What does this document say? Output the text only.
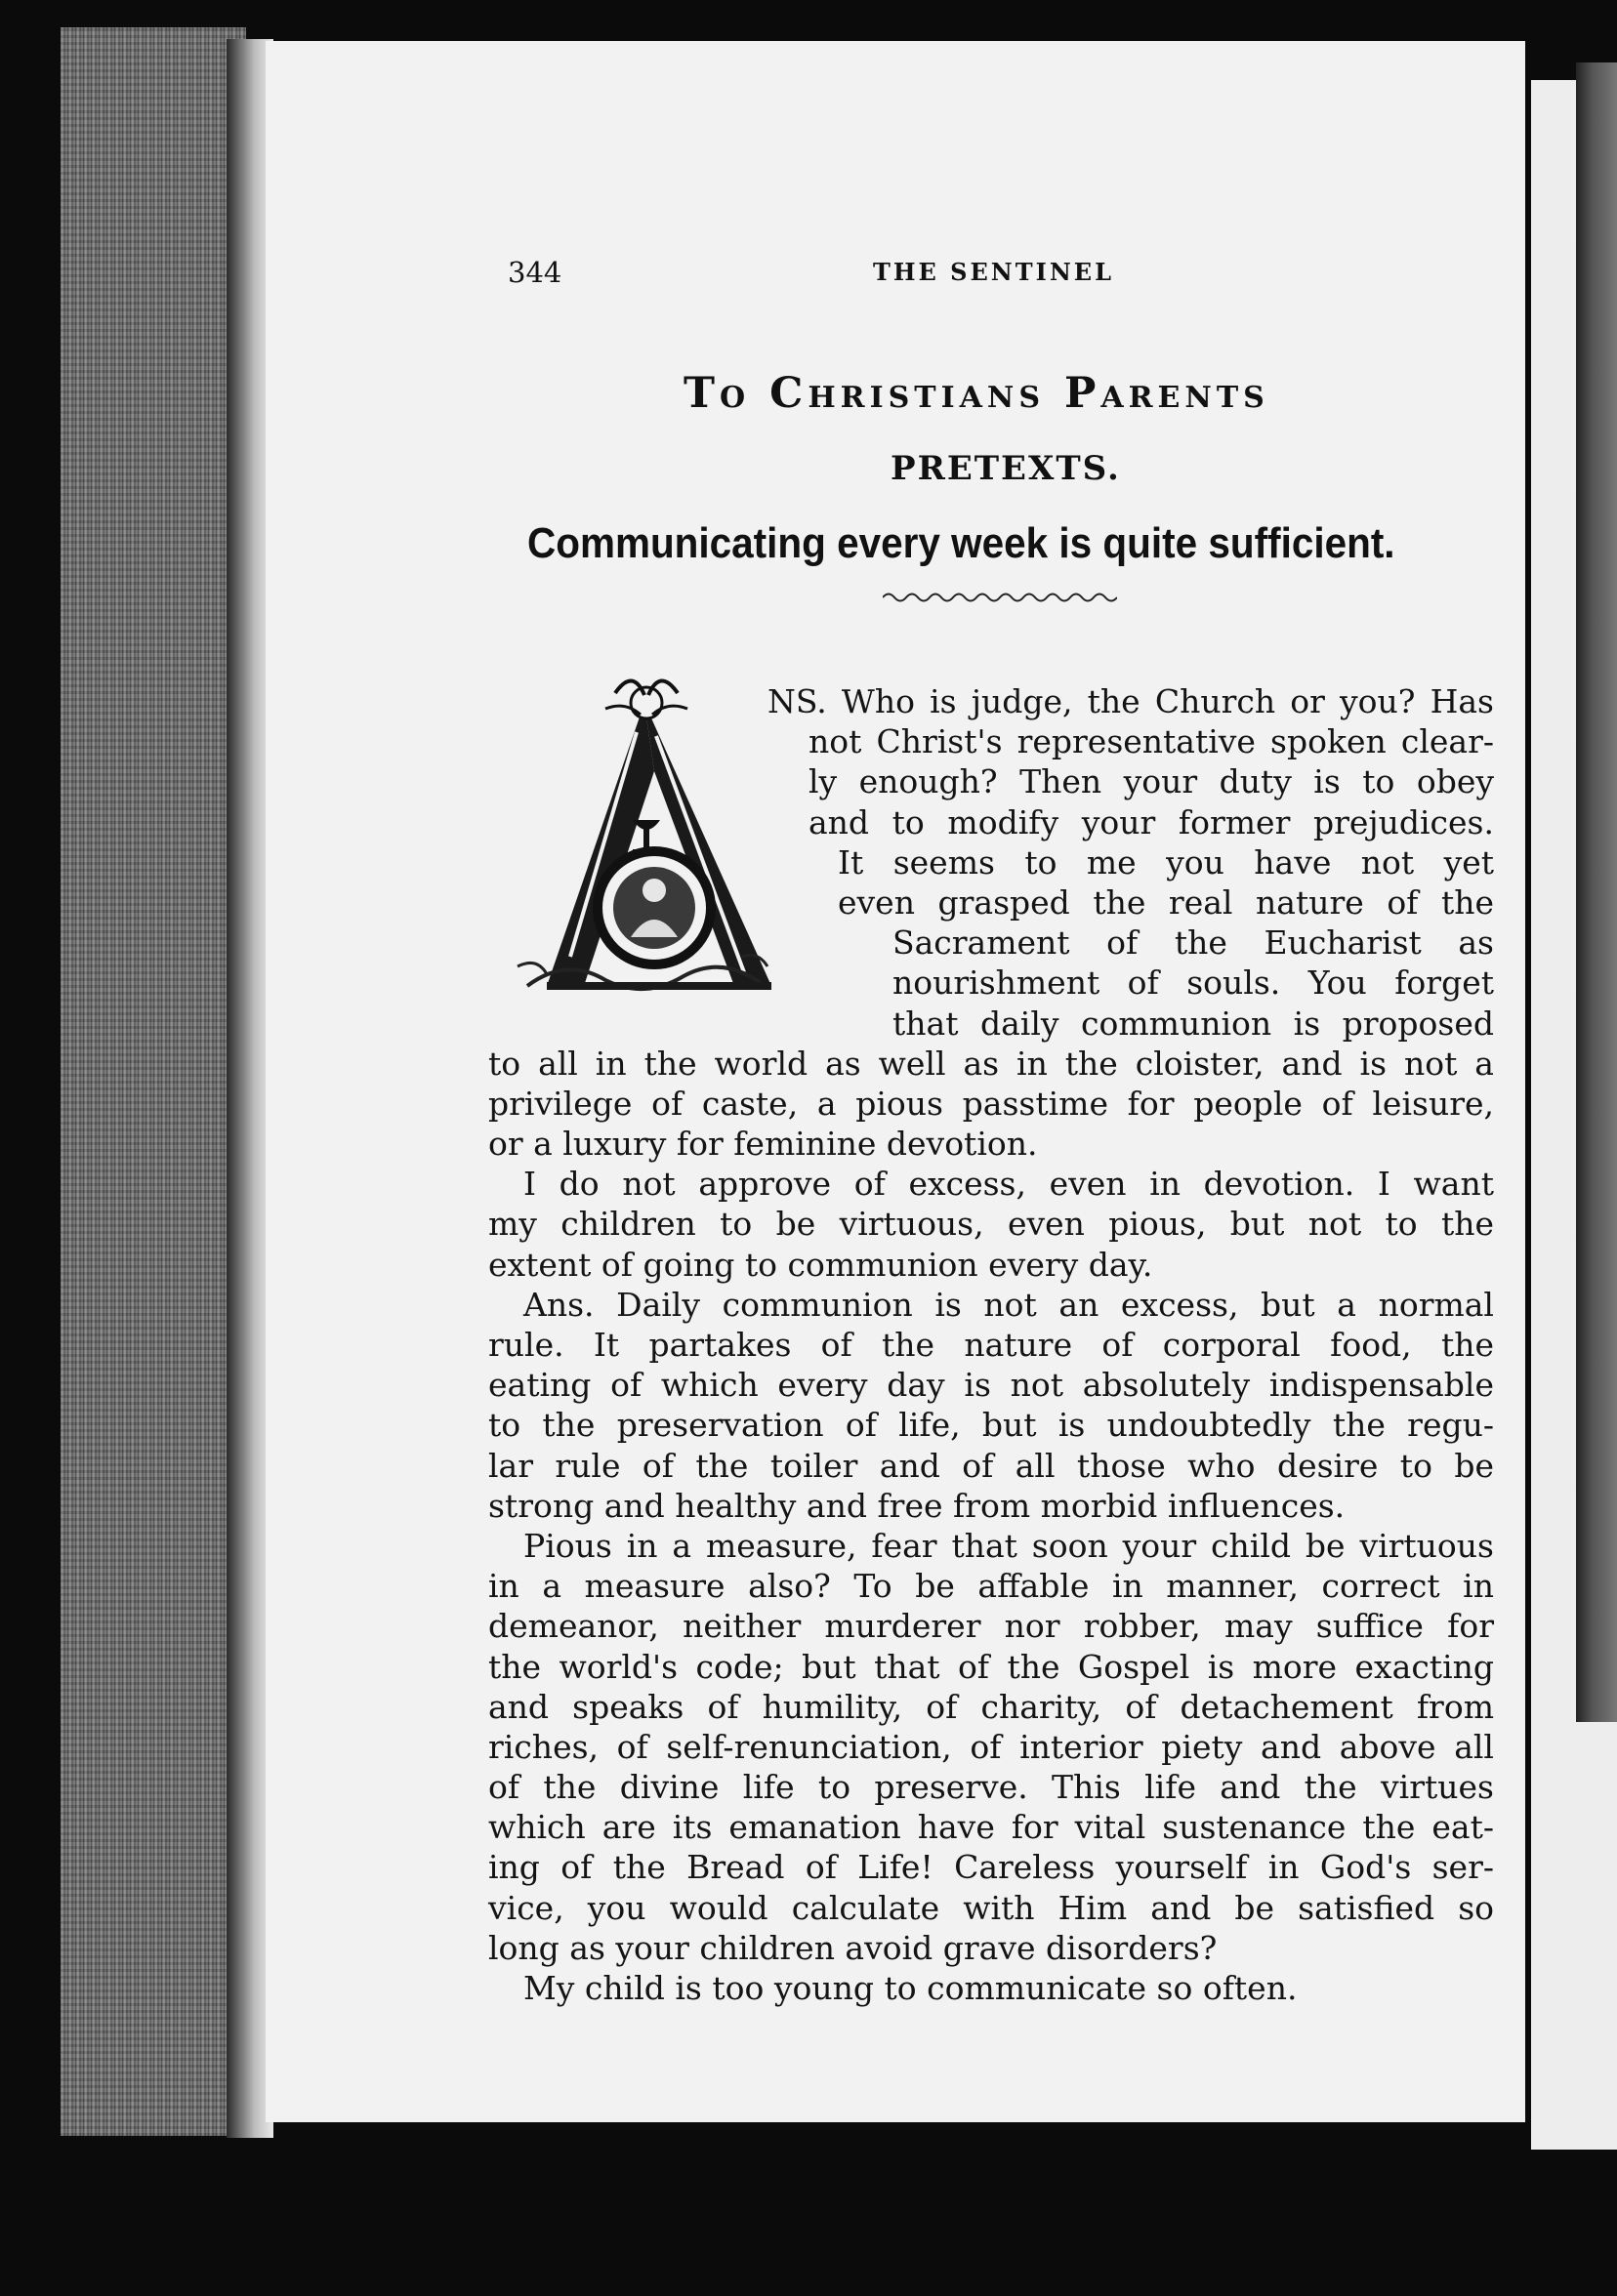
344	THE SENTINEL
To Christians Parents
PRETEXTS.
Communicating every week is quite sufficient.
NS. Who is judge, the Church or you? Has
not Christ's representative spoken clear-
ly enough? Then your duty is to obey
and to modify your former prejudices.
It seems to me you have not yet
even grasped the real nature of the
Sacrament of the Eucharist as
nourishment of souls. You forget
that daily communion is proposed
to all in the world as well as in the cloister, and is not a
privilege of caste, a pious passtime for people of leisure,
or a luxury for feminine devotion.
I do not approve of excess, even in devotion. I want
my children to be virtuous, even pious, but not to the
extent of going to communion every day.
Ans. Daily communion is not an excess, but a normal
rule. It partakes of the nature of corporal food, the
eating of which every day is not absolutely indispensable
to the preservation of life, but is undoubtedly the regu-
lar rule of the toiler and of all those who desire to be
strong and healthy and free from morbid influences.
Pious in a measure, fear that soon your child be virtuous
in a measure also? To be affable in manner, correct in
demeanor, neither murderer nor robber, may suffice for
the world's code; but that of the Gospel is more exacting
and speaks of humility, of charity, of detachement from
riches, of self-renunciation, of interior piety and above all
of the divine life to preserve. This life and the virtues
which are its emanation have for vital sustenance the eat-
ing of the Bread of Life! Careless yourself in God's ser-
vice, you would calculate with Him and be satisfied so
long as your children avoid grave disorders?
My child is too young to communicate so often.
